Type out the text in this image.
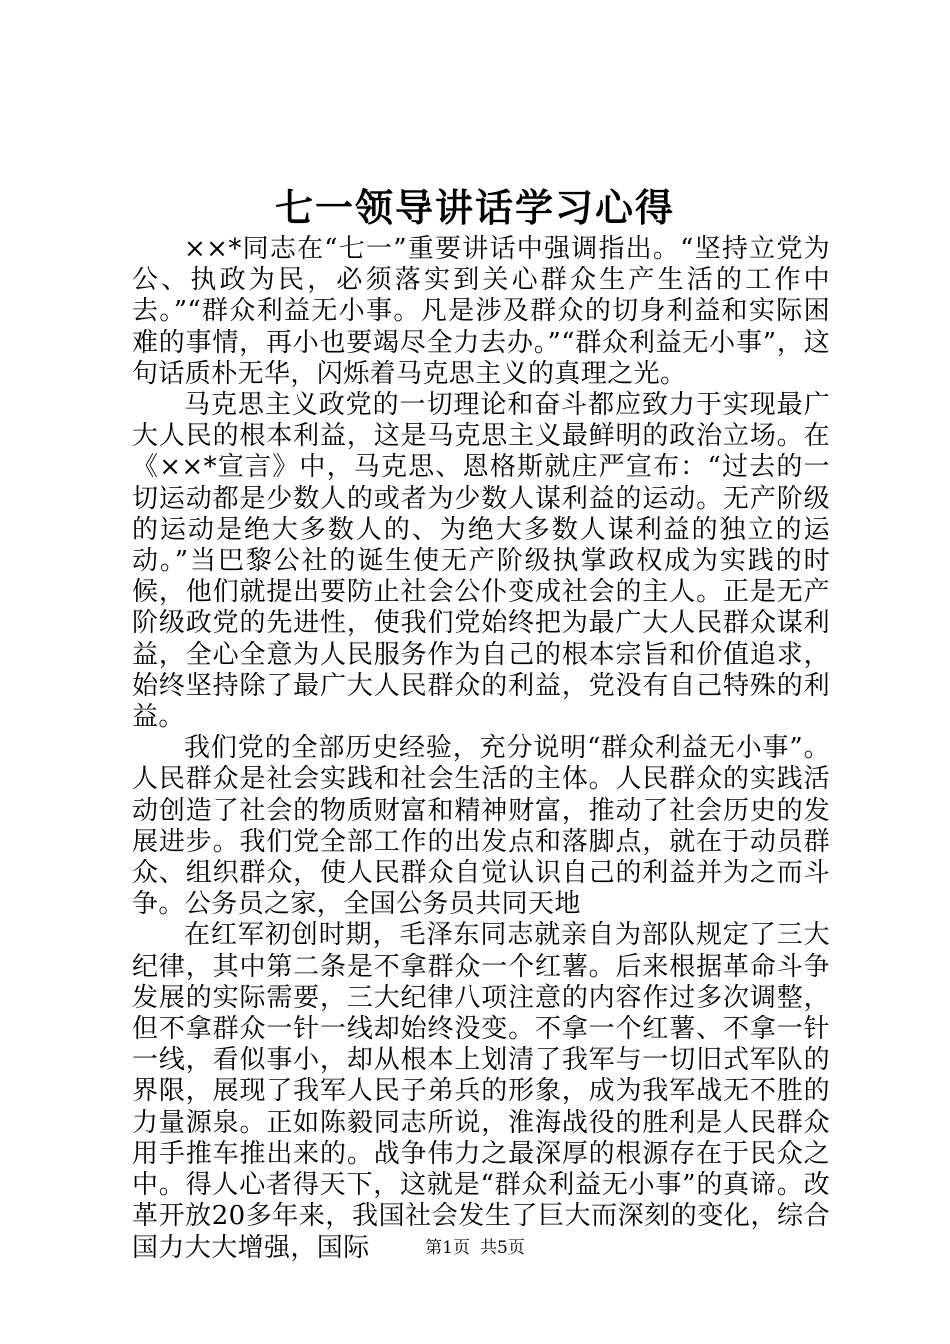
七一领导讲话学习心得

××*同志在“七一”重要讲话中强调指出。“坚持立党为公、执政为民，必须落实到关心群众生产生活的工作中去。”“群众利益无小事。凡是涉及群众的切身利益和实际困难的事情，再小也要竭尽全力去办。”“群众利益无小事”，这句话质朴无华，闪烁着马克思主义的真理之光。

马克思主义政党的一切理论和奋斗都应致力于实现最广大人民的根本利益，这是马克思主义最鲜明的政治立场。在《××*宣言》中，马克思、恩格斯就庄严宣布：“过去的一切运动都是少数人的或者为少数人谋利益的运动。无产阶级的运动是绝大多数人的、为绝大多数人谋利益的独立的运动。”当巴黎公社的诞生使无产阶级执掌政权成为实践的时候，他们就提出要防止社会公仆变成社会的主人。正是无产阶级政党的先进性，使我们党始终把为最广大人民群众谋利益，全心全意为人民服务作为自己的根本宗旨和价值追求，始终坚持除了最广大人民群众的利益，党没有自己特殊的利益。

我们党的全部历史经验，充分说明“群众利益无小事”。人民群众是社会实践和社会生活的主体。人民群众的实践活动创造了社会的物质财富和精神财富，推动了社会历史的发展进步。我们党全部工作的出发点和落脚点，就在于动员群众、组织群众，使人民群众自觉认识自己的利益并为之而斗争。公务员之家，全国公务员共同天地

在红军初创时期，毛泽东同志就亲自为部队规定了三大纪律，其中第二条是不拿群众一个红薯。后来根据革命斗争发展的实际需要，三大纪律八项注意的内容作过多次调整，但不拿群众一针一线却始终没变。不拿一个红薯、不拿一针一线，看似事小，却从根本上划清了我军与一切旧式军队的界限，展现了我军人民子弟兵的形象，成为我军战无不胜的力量源泉。正如陈毅同志所说，淮海战役的胜利是人民群众用手推车推出来的。战争伟力之最深厚的根源存在于民众之中。得人心者得天下，这就是“群众利益无小事”的真谛。改革开放20多年来，我国社会发生了巨大而深刻的变化，综合国力大大增强，国际	第1页 共5页
